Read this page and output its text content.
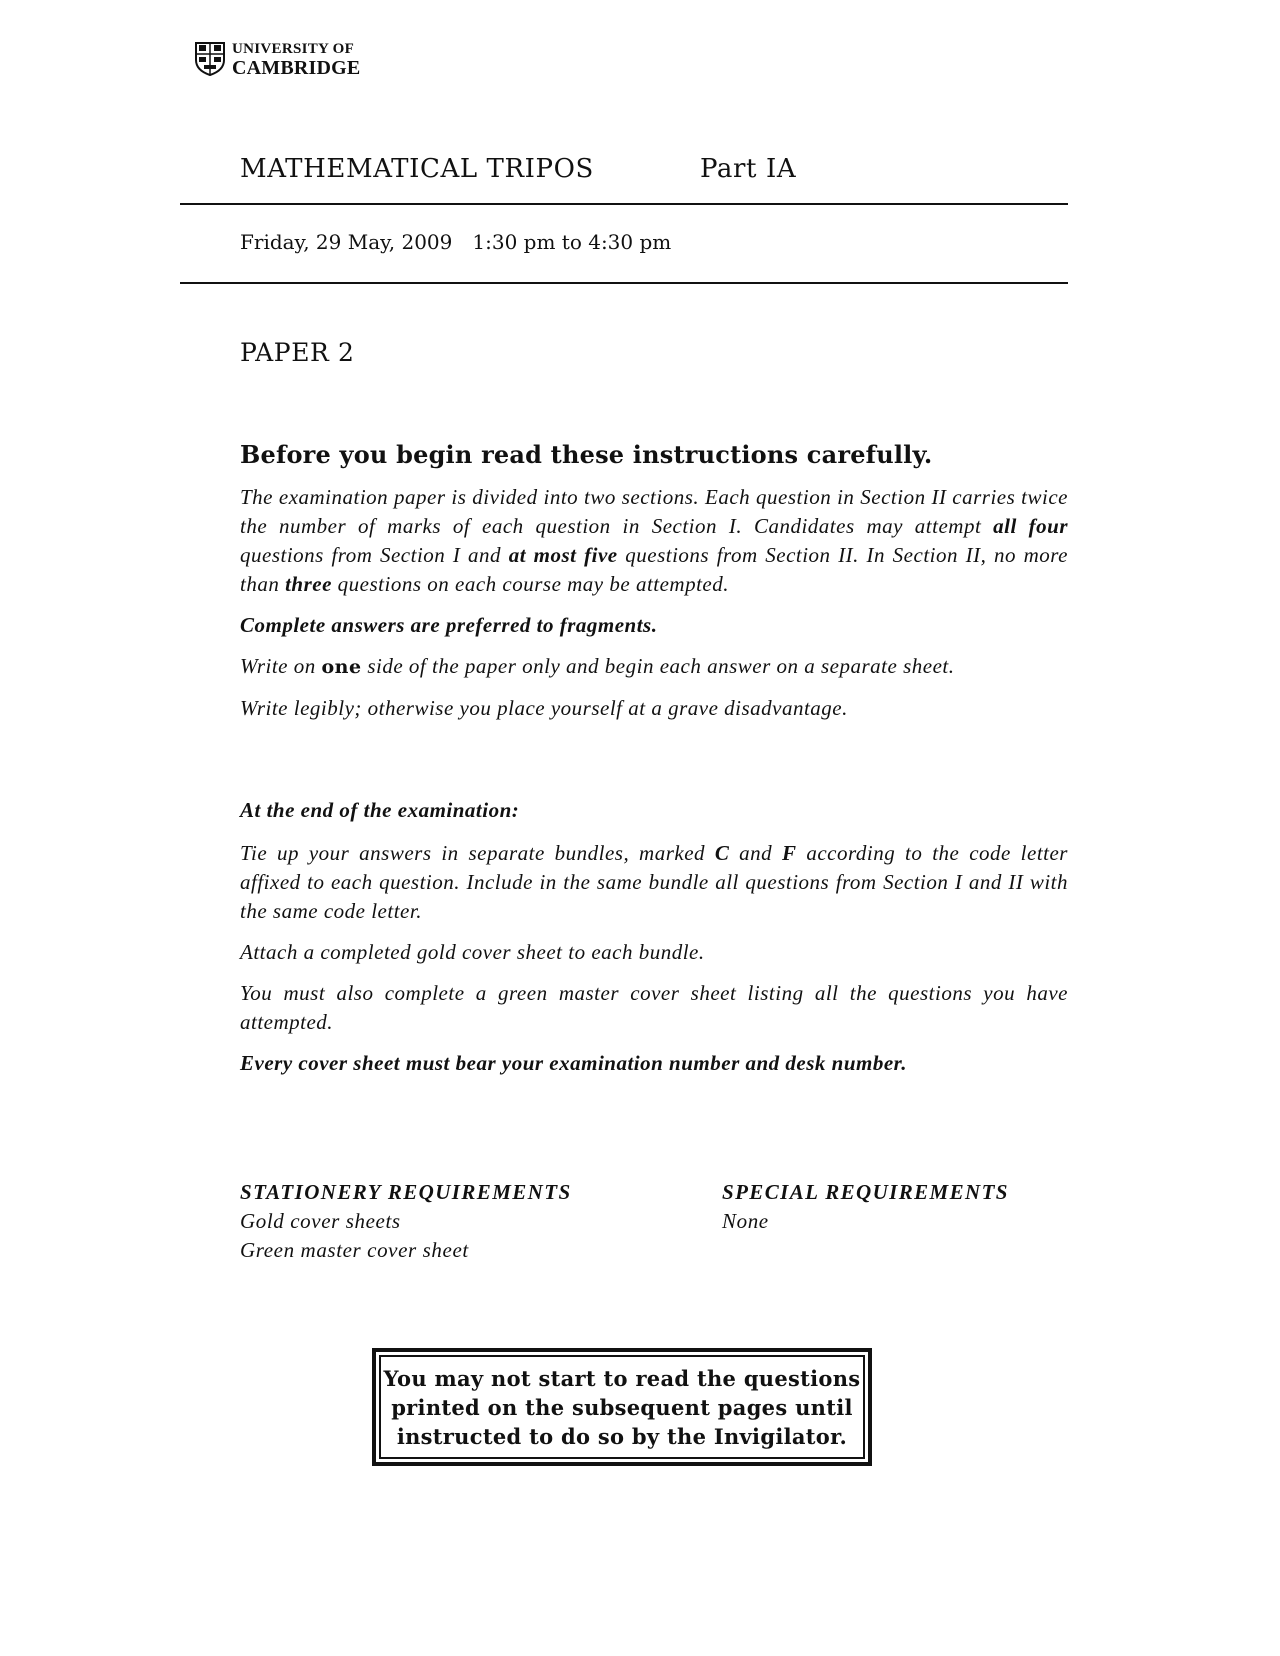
UNIVERSITY OF
CAMBRIDGE
MATHEMATICAL TRIPOS	Part IA
Friday, 29 May, 2009 1:30 pm to 4:30 pm
PAPER 2
Before you begin read these instructions carefully.

The examination paper is divided into two sections. Each question in Section II carries twice the number of marks of each question in Section I. Candidates may attempt all four questions from Section I and at most five questions from Section II. In Section II, no more than three questions on each course may be attempted.

Complete answers are preferred to fragments.

Write on one side of the paper only and begin each answer on a separate sheet.

Write legibly; otherwise you place yourself at a grave disadvantage.

At the end of the examination:

Tie up your answers in separate bundles, marked C and F according to the code letter affixed to each question. Include in the same bundle all questions from Section I and II with the same code letter.

Attach a completed gold cover sheet to each bundle.

You must also complete a green master cover sheet listing all the questions you have attempted.

Every cover sheet must bear your examination number and desk number.

STATIONERY REQUIREMENTS
Gold cover sheets
Green master cover sheet
SPECIAL REQUIREMENTS
None
You may not start to read the questions
printed on the subsequent pages until
instructed to do so by the Invigilator.
